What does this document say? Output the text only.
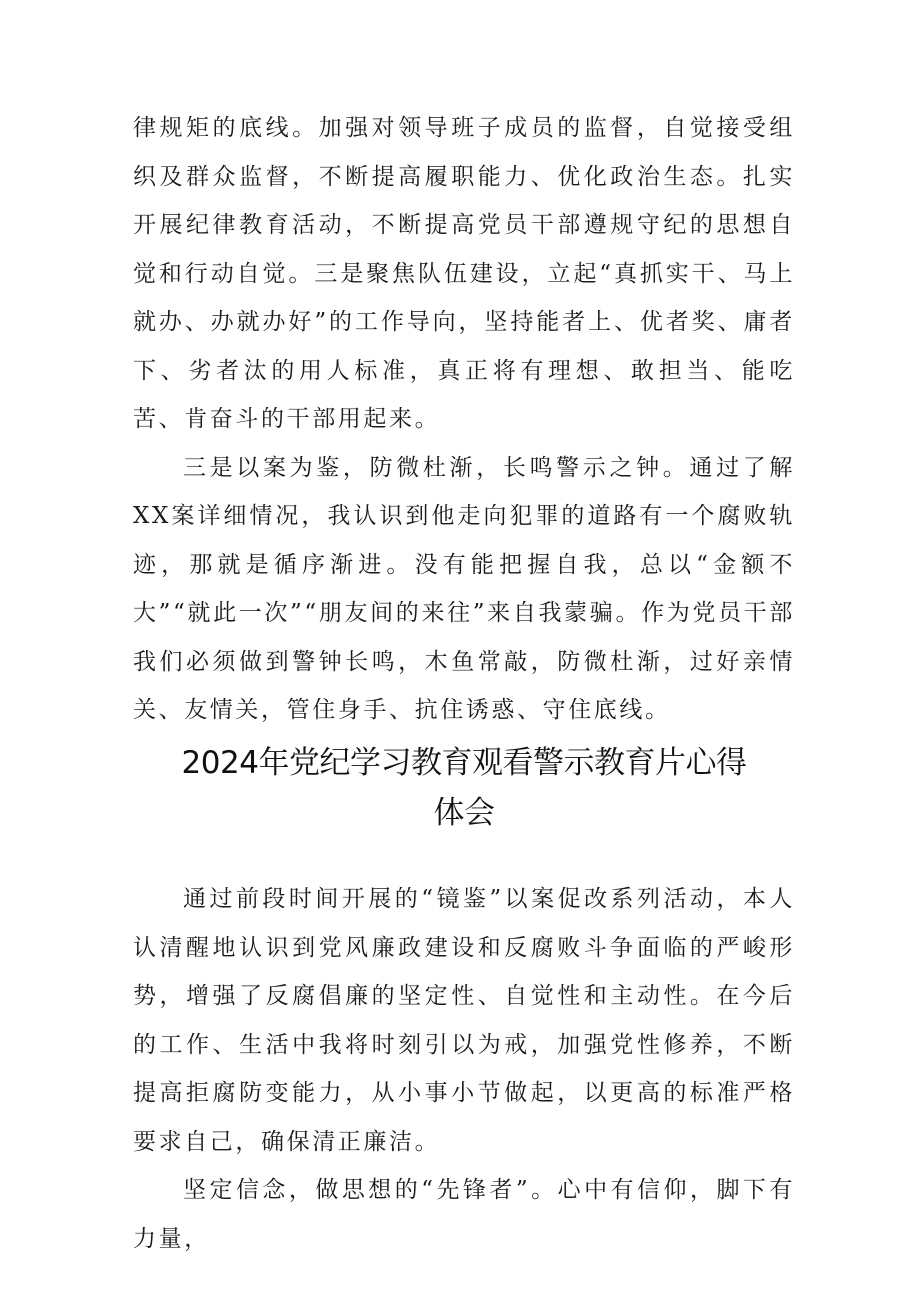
律规矩的底线。加强对领导班子成员的监督，自觉接受组织及群众监督，不断提高履职能力、优化政治生态。扎实开展纪律教育活动，不断提高党员干部遵规守纪的思想自觉和行动自觉。三是聚焦队伍建设，立起“真抓实干、马上就办、办就办好”的工作导向，坚持能者上、优者奖、庸者下、劣者汰的用人标准，真正将有理想、敢担当、能吃苦、肯奋斗的干部用起来。

三是以案为鉴，防微杜渐，长鸣警示之钟。通过了解XX案详细情况，我认识到他走向犯罪的道路有一个腐败轨迹，那就是循序渐进。没有能把握自我，总以“金额不大”“就此一次”“朋友间的来往”来自我蒙骗。作为党员干部我们必须做到警钟长鸣，木鱼常敲，防微杜渐，过好亲情关、友情关，管住身手、抗住诱惑、守住底线。

2024年党纪学习教育观看警示教育片心得
体会

通过前段时间开展的“镜鉴”以案促改系列活动，本人认清醒地认识到党风廉政建设和反腐败斗争面临的严峻形势，增强了反腐倡廉的坚定性、自觉性和主动性。在今后的工作、生活中我将时刻引以为戒，加强党性修养，不断提高拒腐防变能力，从小事小节做起，以更高的标准严格要求自己，确保清正廉洁。

坚定信念，做思想的“先锋者”。心中有信仰，脚下有力量，
